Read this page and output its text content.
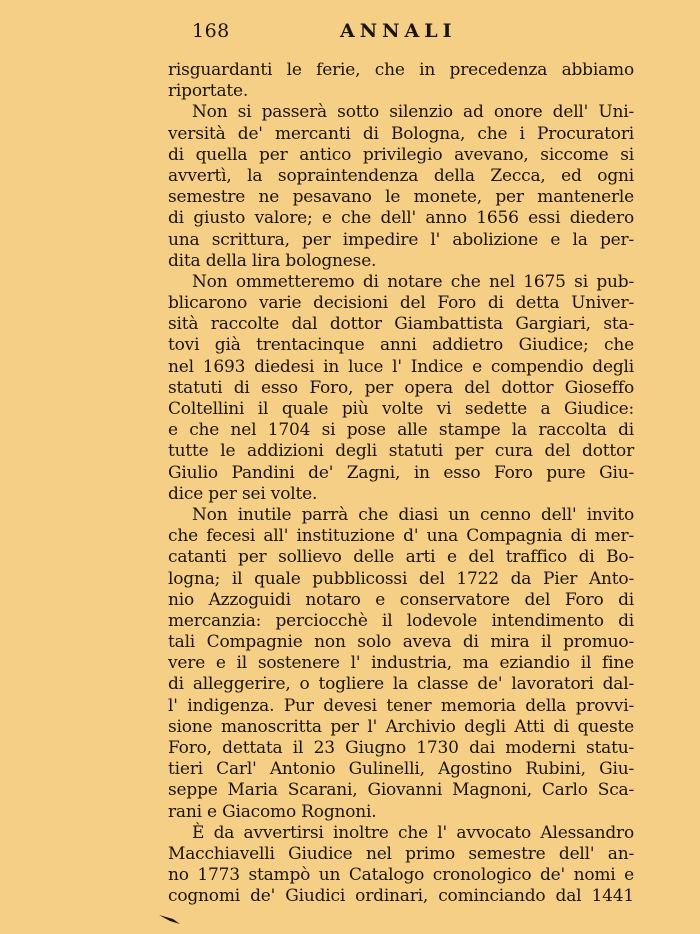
168	ANNALI
risguardanti le ferie, che in precedenza abbiamo
riportate.
Non si passerà sotto silenzio ad onore dell' Uni-
versità de' mercanti di Bologna, che i Procuratori
di quella per antico privilegio avevano, siccome si
avvertì, la sopraintendenza della Zecca, ed ogni
semestre ne pesavano le monete, per mantenerle
di giusto valore; e che dell' anno 1656 essi diedero
una scrittura, per impedire l' abolizione e la per-
dita della lira bolognese.
Non ommetteremo di notare che nel 1675 si pub-
blicarono varie decisioni del Foro di detta Univer-
sità raccolte dal dottor Giambattista Gargiari, sta-
tovi già trentacinque anni addietro Giudice; che
nel 1693 diedesi in luce l' Indice e compendio degli
statuti di esso Foro, per opera del dottor Gioseffo
Coltellini il quale più volte vi sedette a Giudice:
e che nel 1704 si pose alle stampe la raccolta di
tutte le addizioni degli statuti per cura del dottor
Giulio Pandini de' Zagni, in esso Foro pure Giu-
dice per sei volte.
Non inutile parrà che diasi un cenno dell' invito
che fecesi all' instituzione d' una Compagnia di mer-
catanti per sollievo delle arti e del traffico di Bo-
logna; il quale pubblicossi del 1722 da Pier Anto-
nio Azzoguidi notaro e conservatore del Foro di
mercanzia: perciocchè il lodevole intendimento di
tali Compagnie non solo aveva di mira il promuo-
vere e il sostenere l' industria, ma eziandio il fine
di alleggerire, o togliere la classe de' lavoratori dal-
l' indigenza. Pur devesi tener memoria della provvi-
sione manoscritta per l' Archivio degli Atti di queste
Foro, dettata il 23 Giugno 1730 dai moderni statu-
tieri Carl' Antonio Gulinelli, Agostino Rubini, Giu-
seppe Maria Scarani, Giovanni Magnoni, Carlo Sca-
rani e Giacomo Rognoni.
È da avvertirsi inoltre che l' avvocato Alessandro
Macchiavelli Giudice nel primo semestre dell' an-
no 1773 stampò un Catalogo cronologico de' nomi e
cognomi de' Giudici ordinari, cominciando dal 1441
